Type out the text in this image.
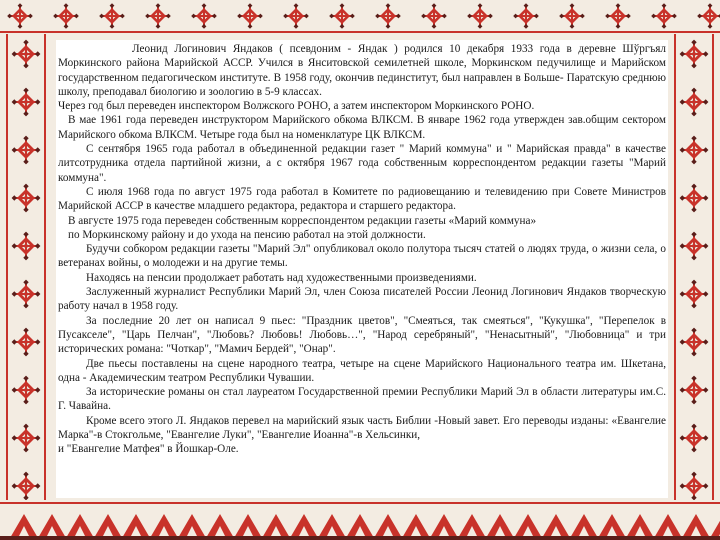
Леонид Логинович Яндаков ( псевдоним - Яндак ) родился 10 декабря 1933 года в деревне Шўргъял Моркинского района Марийской АССР. Учился в Янситовской семилетней школе, Моркинском педучилище и Марийском государственном педагогическом институте. В 1958 году, окончив пединститут, был направлен в Больше- Паратскую среднюю школу, преподавал биологию и зоологию в 5-9 классах.

Через год был переведен инспектором Волжского РОНО, а затем инспектором Моркинского РОНО.

В мае 1961 года переведен инструктором Марийского обкома ВЛКСМ. В январе 1962 года утвержден зав.общим сектором Марийского обкома ВЛКСМ. Четыре года был на номенклатуре ЦК ВЛКСМ.

С сентября 1965 года работал в объединенной редакции газет " Марий коммуна" и " Марийская правда" в качестве литсотрудника отдела партийной жизни, а с октября 1967 года собственным корреспондентом редакции газеты "Марий коммуна".

С июля 1968 года по август 1975 года работал в Комитете по радиовещанию и телевидению при Совете Министров Марийской АССР в качестве младшего редактора, редактора и старшего редактора.

В августе 1975 года переведен собственным корреспондентом редакции газеты «Марий коммуна»

по Моркинскому району и до ухода на пенсию работал на этой должности.

Будучи собкором редакции газеты "Марий Эл" опубликовал около полутора тысяч статей о людях труда, о жизни села, о ветеранах войны, о молодежи и на другие темы.

Находясь на пенсии продолжает работать над художественными произведениями.

Заслуженный журналист Республики Марий Эл, член Союза писателей России Леонид Логинович Яндаков творческую работу начал в 1958 году.

За последние 20 лет он написал 9 пьес: "Праздник цветов", "Смеяться, так смеяться", "Кукушка", "Перепелок в Пусакселе", "Царь Пелчан", "Любовь? Любовь! Любовь…", "Народ серебряный", "Ненасытный", "Любовница" и три исторических романа: "Чоткар", "Мамич Бердей", "Онар".

Две пьесы поставлены на сцене народного театра, четыре на сцене Марийского Национального театра им. Шкетана, одна - Академическим театром Республики Чувашии.

За исторические романы он стал лауреатом Государственной премии Республики Марий Эл в области литературы им.С. Г. Чавайна.

Кроме всего этого Л. Яндаков перевел на марийский язык часть Библии -Новый завет. Его переводы изданы: «Евангелие Марка"-в Стокгольме, "Евангелие Луки", "Евангелие Иоанна"-в Хельсинки,

и "Евангелие Матфея" в Йошкар-Оле.
